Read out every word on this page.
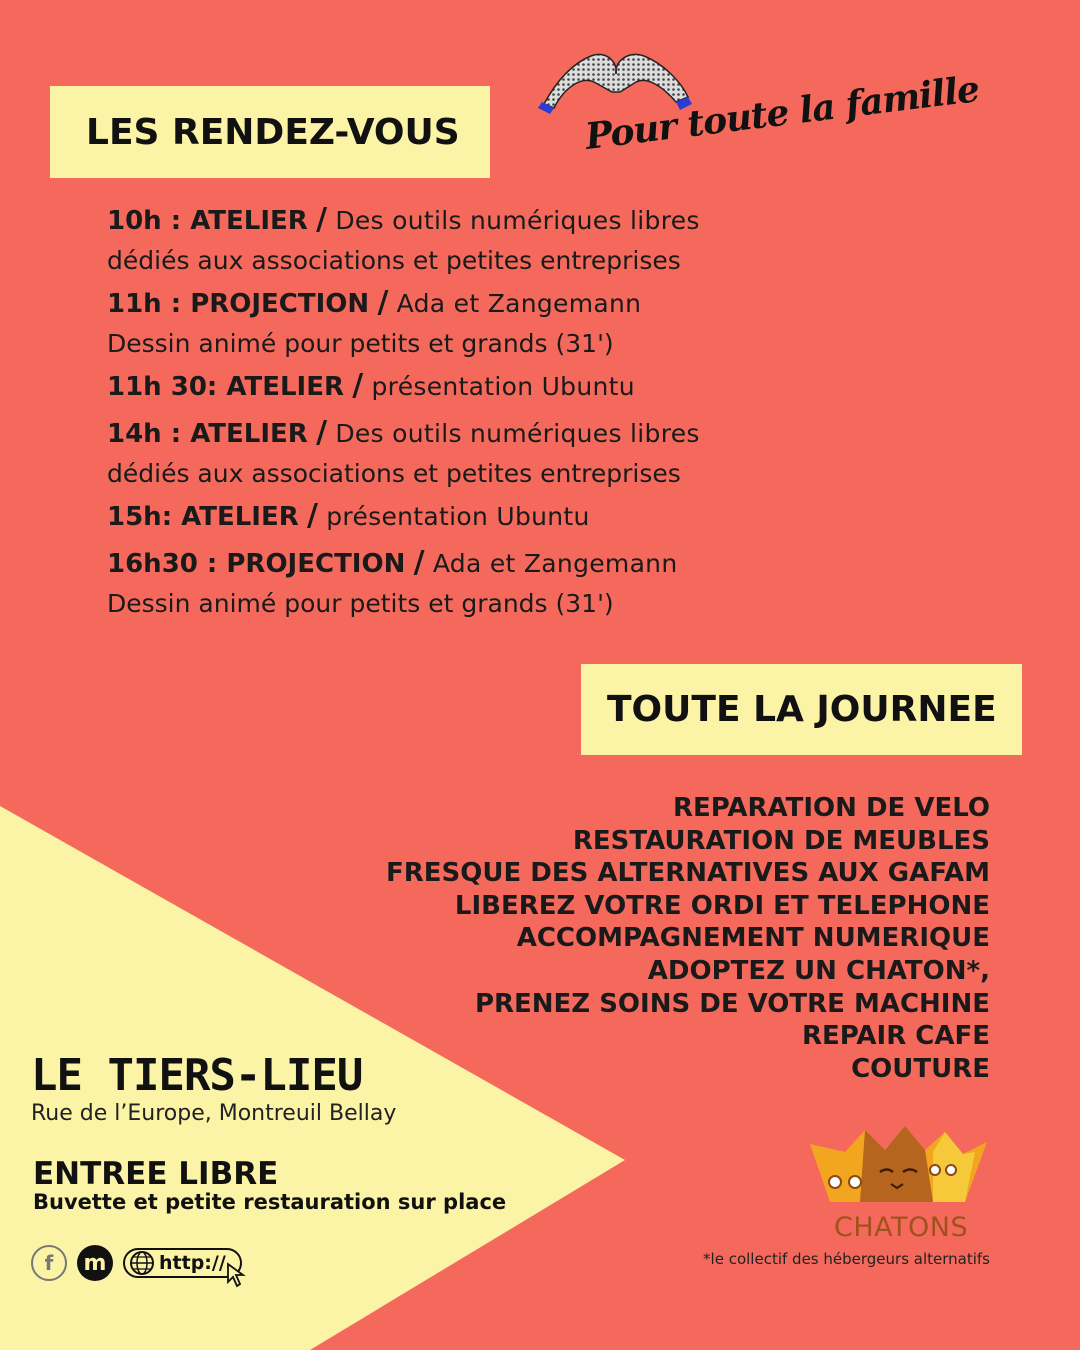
LES RENDEZ-VOUS	Pour toute la famille
10h : ATELIER / Des outils numériques libres
dédiés aux associations et petites entreprises
11h : PROJECTION / Ada et Zangemann
Dessin animé pour petits et grands (31')
11h 30: ATELIER / présentation Ubuntu
14h : ATELIER / Des outils numériques libres
dédiés aux associations et petites entreprises
15h: ATELIER / présentation Ubuntu
16h30 : PROJECTION / Ada et Zangemann
Dessin animé pour petits et grands (31')
TOUTE LA JOURNEE
REPARATION DE VELO
RESTAURATION DE MEUBLES
FRESQUE DES ALTERNATIVES AUX GAFAM
LIBEREZ VOTRE ORDI ET TELEPHONE
ACCOMPAGNEMENT NUMERIQUE
ADOPTEZ UN CHATON*,
PRENEZ SOINS DE VOTRE MACHINE
REPAIR CAFE
COUTURE
LE TIERS-LIEU
Rue de l’Europe, Montreuil Bellay
ENTREE LIBRE
Buvette et petite restauration sur place
f	m	http://
CHATONS
*le collectif des hébergeurs alternatifs
